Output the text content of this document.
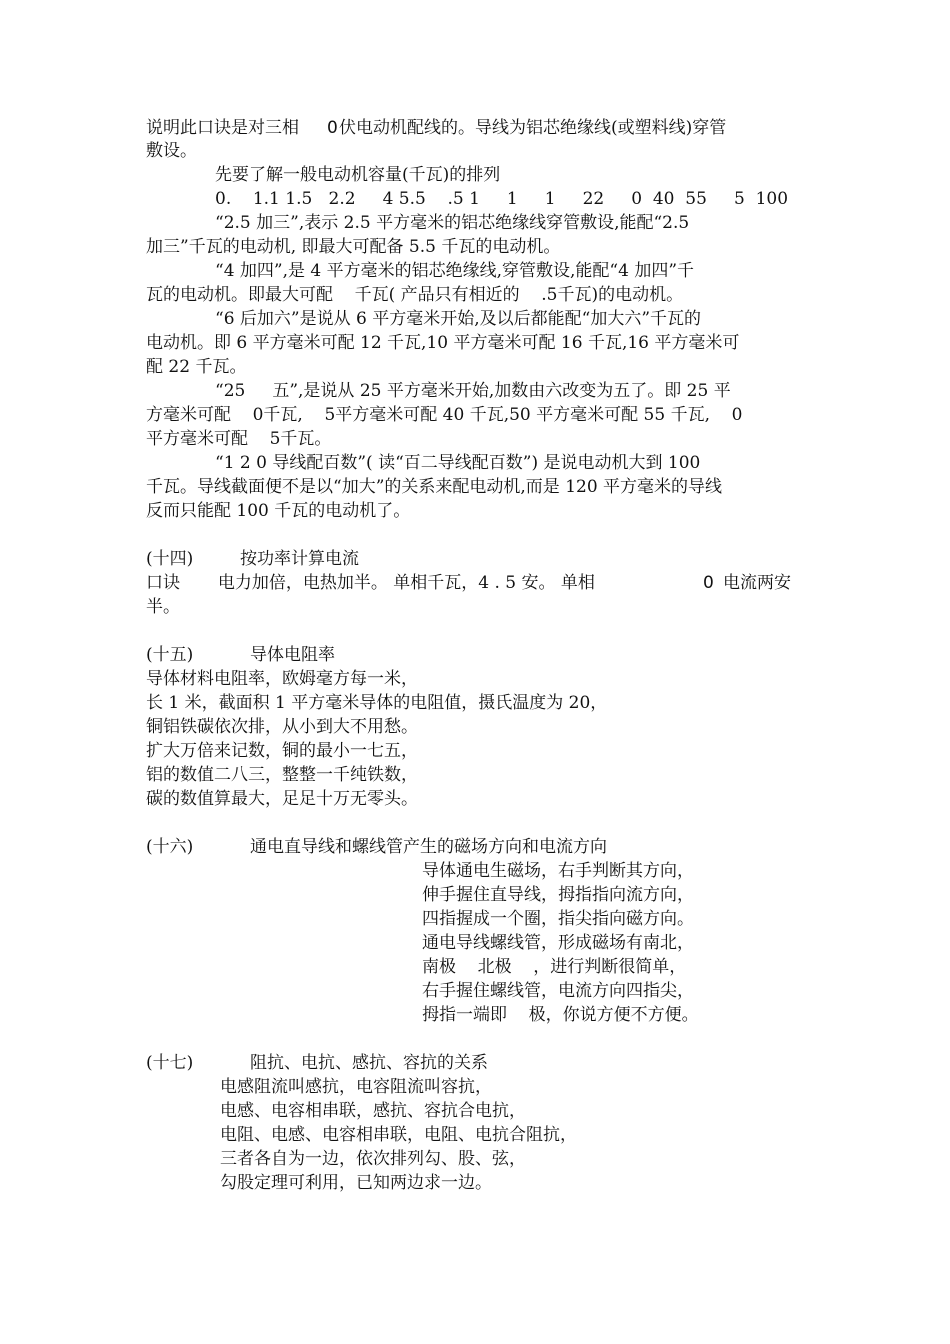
说明此口诀是对三相 0 伏电动机配线的。导线为铝芯绝缘线(或塑料线)穿管
敷设。
先要了解一般电动机容量(千瓦)的排列
0.    1.1 1.5   2.2     4 5.5    .5 1     1     1     22     0  40  55     5  100
“2.5 加三”,表示 2.5 平方毫米的铝芯绝缘线穿管敷设,能配“2.5
加三”千瓦的电动机, 即最大可配备 5.5 千瓦的电动机。
“4 加四”,是 4 平方毫米的铝芯绝缘线,穿管敷设,能配“4 加四”千
瓦的电动机。即最大可配    千瓦( 产品只有相近的    .5千瓦)的电动机。
“6 后加六”是说从 6 平方毫米开始,及以后都能配“加大六”千瓦的
电动机。即 6 平方毫米可配 12 千瓦,10 平方毫米可配 16 千瓦,16 平方毫米可
配 22 千瓦。
“25     五”,是说从 25 平方毫米开始,加数由六改变为五了。即 25 平
方毫米可配    0千瓦,    5平方毫米可配 40 千瓦,50 平方毫米可配 55 千瓦,    0
平方毫米可配    5千瓦。
“1 2 0 导线配百数”( 读“百二导线配百数”) 是说电动机大到 100
千瓦。导线截面便不是以“加大”的关系来配电动机,而是 120 平方毫米的导线
反而只能配 100 千瓦的电动机了。
(十四)	按功率计算电流
口诀       电力加倍，电热加半。 单相千瓦，4 . 5 安。 单相	0 电流两安
半。
(十五)	导体电阻率
导体材料电阻率，欧姆毫方每一米，
长 1 米，截面积 1 平方毫米导体的电阻值，摄氏温度为 20，
铜铝铁碳依次排，从小到大不用愁。
扩大万倍来记数，铜的最小一七五，
铝的数值二八三，整整一千纯铁数，
碳的数值算最大，足足十万无零头。
(十六)	通电直导线和螺线管产生的磁场方向和电流方向
导体通电生磁场，右手判断其方向，
伸手握住直导线，拇指指向流方向，
四指握成一个圈，指尖指向磁方向。
通电导线螺线管，形成磁场有南北，
南极    北极    ，进行判断很简单，
右手握住螺线管，电流方向四指尖，
拇指一端即    极，你说方便不方便。
(十七)	阻抗、电抗、感抗、容抗的关系
电感阻流叫感抗，电容阻流叫容抗，
电感、电容相串联，感抗、容抗合电抗，
电阻、电感、电容相串联，电阻、电抗合阻抗，
三者各自为一边，依次排列勾、股、弦，
勾股定理可利用，已知两边求一边。
